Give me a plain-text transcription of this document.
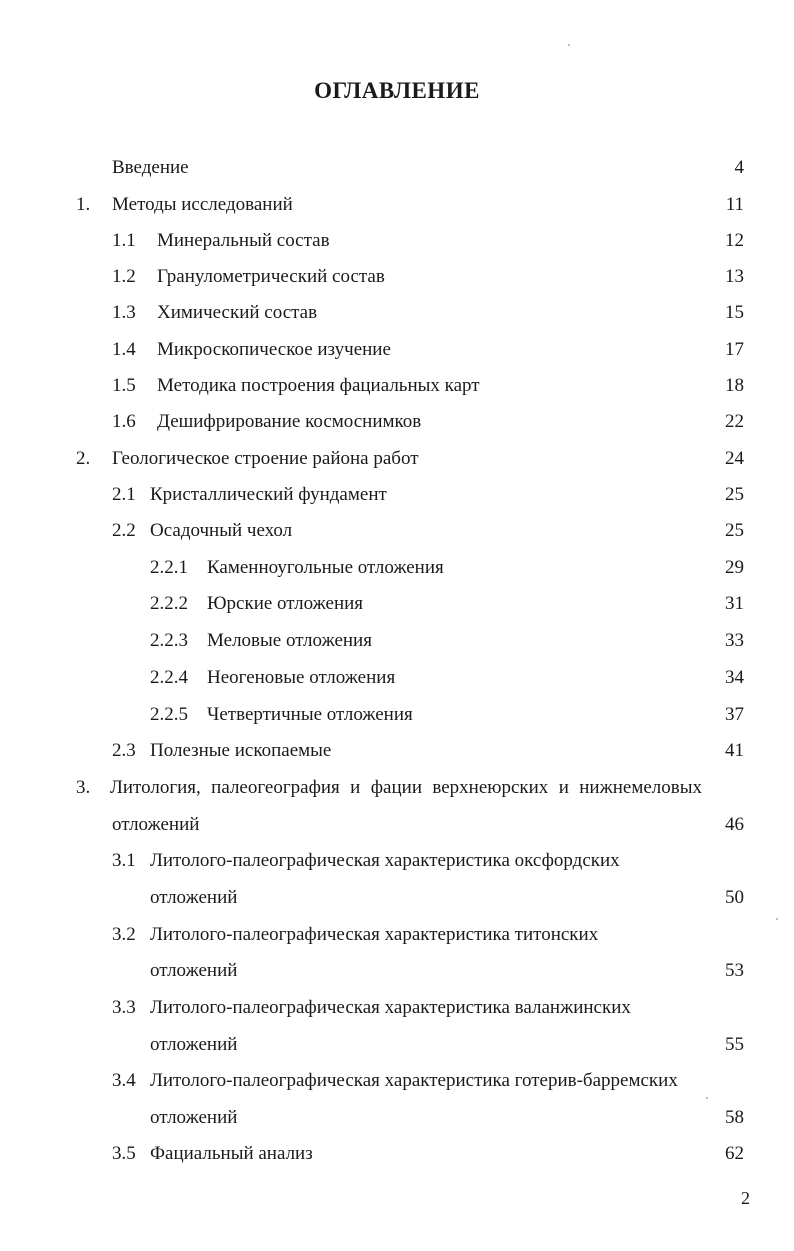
ОГЛАВЛЕНИЕ
Введение	4
1. Методы исследований	11
1.1 Минеральный состав	12
1.2 Гранулометрический состав	13
1.3 Химический состав	15
1.4 Микроскопическое изучение	17
1.5 Методика построения фациальных карт	18
1.6 Дешифрирование космоснимков	22
2. Геологическое строение района работ	24
2.1 Кристаллический фундамент	25
2.2 Осадочный чехол	25
2.2.1 Каменноугольные отложения	29
2.2.2 Юрские отложения	31
2.2.3 Меловые отложения	33
2.2.4 Неогеновые отложения	34
2.2.5 Четвертичные отложения	37
2.3 Полезные ископаемые	41
3. Литология, палеогеография и фации верхнеюрских и нижнемеловых
отложений	46
3.1 Литолого-палеографическая характеристика оксфордских
отложений	50
3.2 Литолого-палеографическая характеристика титонских
отложений	53
3.3 Литолого-палеографическая характеристика валанжинских
отложений	55
3.4 Литолого-палеографическая характеристика готерив-барремских
отложений	58
3.5 Фациальный анализ	62
2
